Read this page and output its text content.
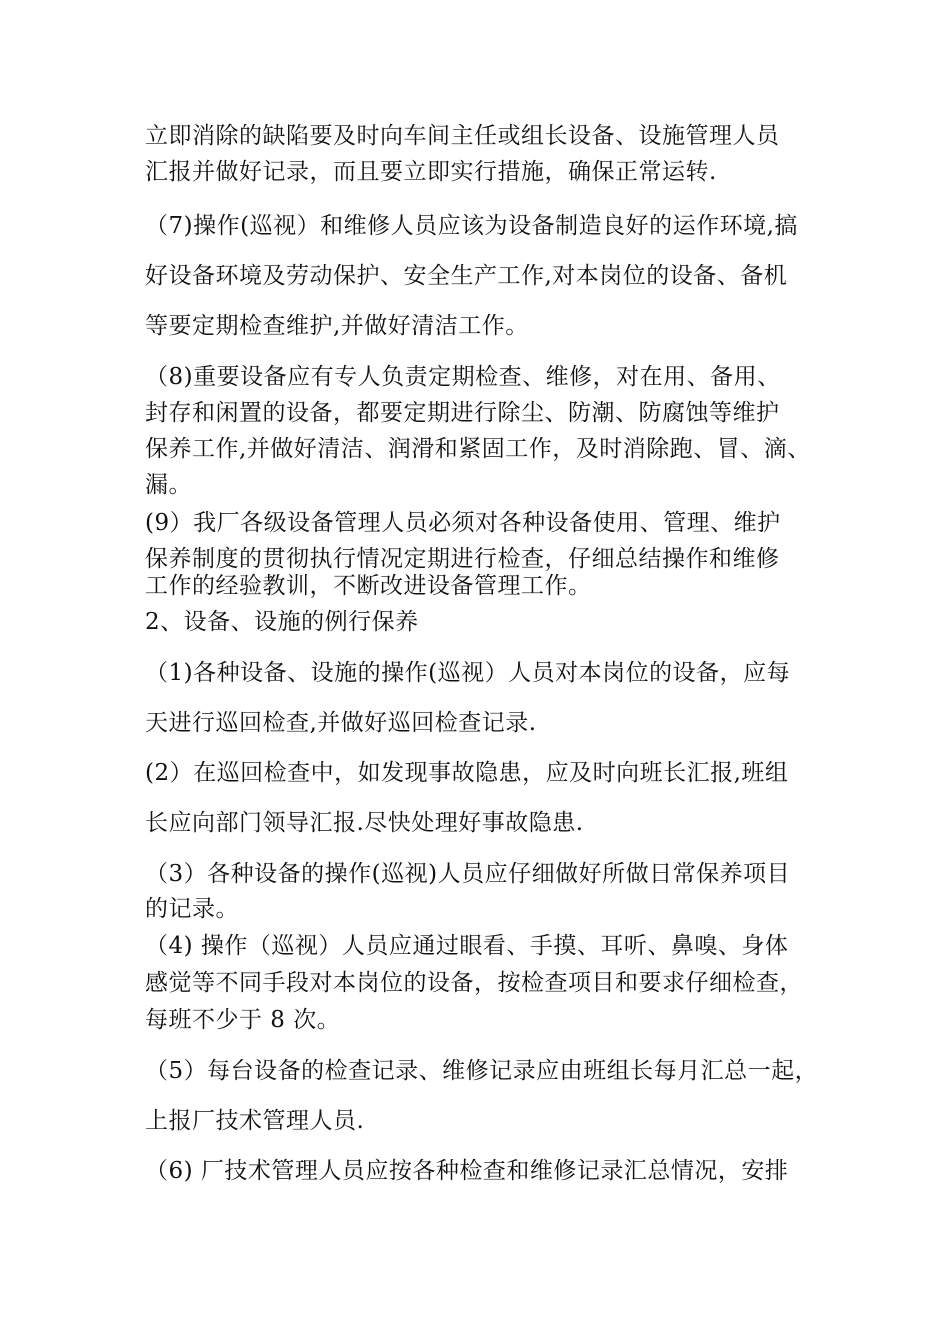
立即消除的缺陷要及时向车间主任或组长设备、设施管理人员
汇报并做好记录，而且要立即实行措施，确保正常运转.
（7)操作(巡视）和维修人员应该为设备制造良好的运作环境,搞
好设备环境及劳动保护、安全生产工作,对本岗位的设备、备机
等要定期检查维护,并做好清洁工作。
（8)重要设备应有专人负责定期检查、维修，对在用、备用、
封存和闲置的设备，都要定期进行除尘、防潮、防腐蚀等维护
保养工作,并做好清洁、润滑和紧固工作，及时消除跑、冒、滴、
漏。
(9）我厂各级设备管理人员必须对各种设备使用、管理、维护
保养制度的贯彻执行情况定期进行检查，仔细总结操作和维修
工作的经验教训，不断改进设备管理工作。
2、设备、设施的例行保养
（1)各种设备、设施的操作(巡视）人员对本岗位的设备，应每
天进行巡回检查,并做好巡回检查记录.
(2）在巡回检查中，如发现事故隐患，应及时向班长汇报,班组
长应向部门领导汇报.尽快处理好事故隐患.
（3）各种设备的操作(巡视)人员应仔细做好所做日常保养项目
的记录。
（4) 操作（巡视）人员应通过眼看、手摸、耳听、鼻嗅、身体
感觉等不同手段对本岗位的设备，按检查项目和要求仔细检查，
每班不少于 8 次。
（5）每台设备的检查记录、维修记录应由班组长每月汇总一起，
上报厂技术管理人员.
（6) 厂技术管理人员应按各种检查和维修记录汇总情况，安排
